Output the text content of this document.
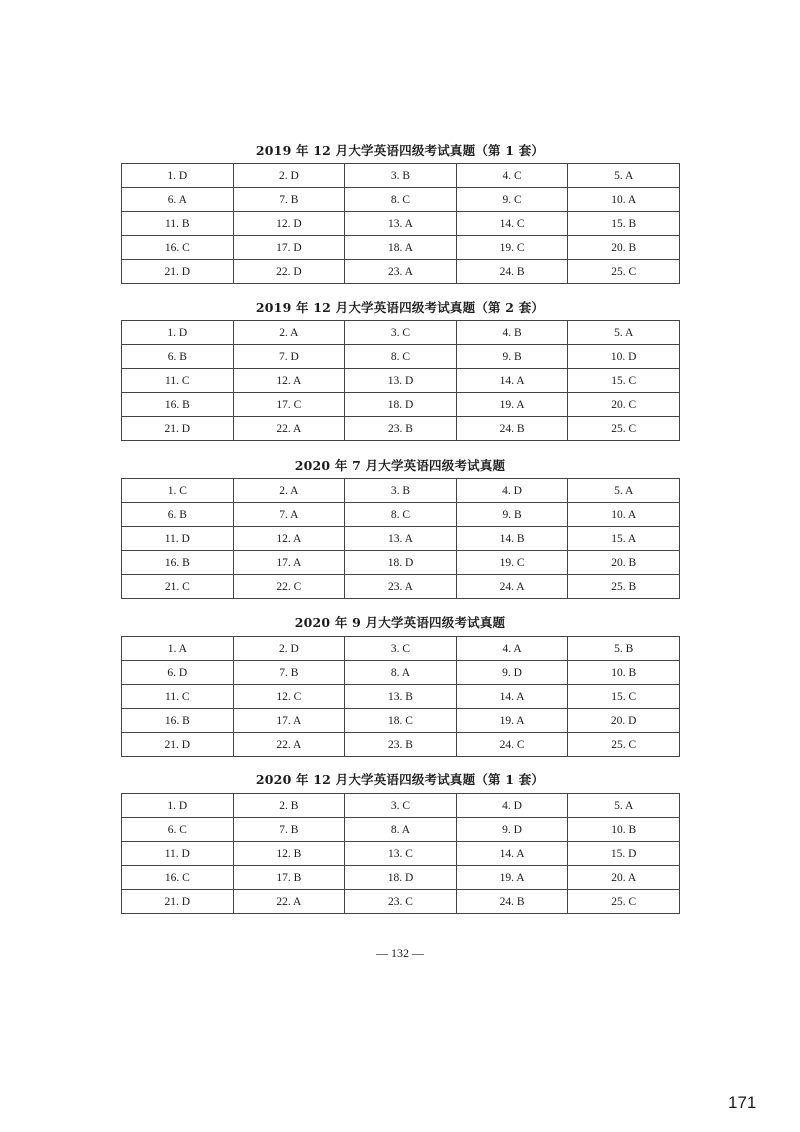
2019 年 12 月大学英语四级考试真题（第 1 套）
1. D	2. D	3. B	4. C	5. A
6. A	7. B	8. C	9. C	10. A
11. B	12. D	13. A	14. C	15. B
16. C	17. D	18. A	19. C	20. B
21. D	22. D	23. A	24. B	25. C
2019 年 12 月大学英语四级考试真题（第 2 套）
1. D	2. A	3. C	4. B	5. A
6. B	7. D	8. C	9. B	10. D
11. C	12. A	13. D	14. A	15. C
16. B	17. C	18. D	19. A	20. C
21. D	22. A	23. B	24. B	25. C
2020 年 7 月大学英语四级考试真题
1. C	2. A	3. B	4. D	5. A
6. B	7. A	8. C	9. B	10. A
11. D	12. A	13. A	14. B	15. A
16. B	17. A	18. D	19. C	20. B
21. C	22. C	23. A	24. A	25. B
2020 年 9 月大学英语四级考试真题
1. A	2. D	3. C	4. A	5. B
6. D	7. B	8. A	9. D	10. B
11. C	12. C	13. B	14. A	15. C
16. B	17. A	18. C	19. A	20. D
21. D	22. A	23. B	24. C	25. C
2020 年 12 月大学英语四级考试真题（第 1 套）
1. D	2. B	3. C	4. D	5. A
6. C	7. B	8. A	9. D	10. B
11. D	12. B	13. C	14. A	15. D
16. C	17. B	18. D	19. A	20. A
21. D	22. A	23. C	24. B	25. C
— 132 —
171
